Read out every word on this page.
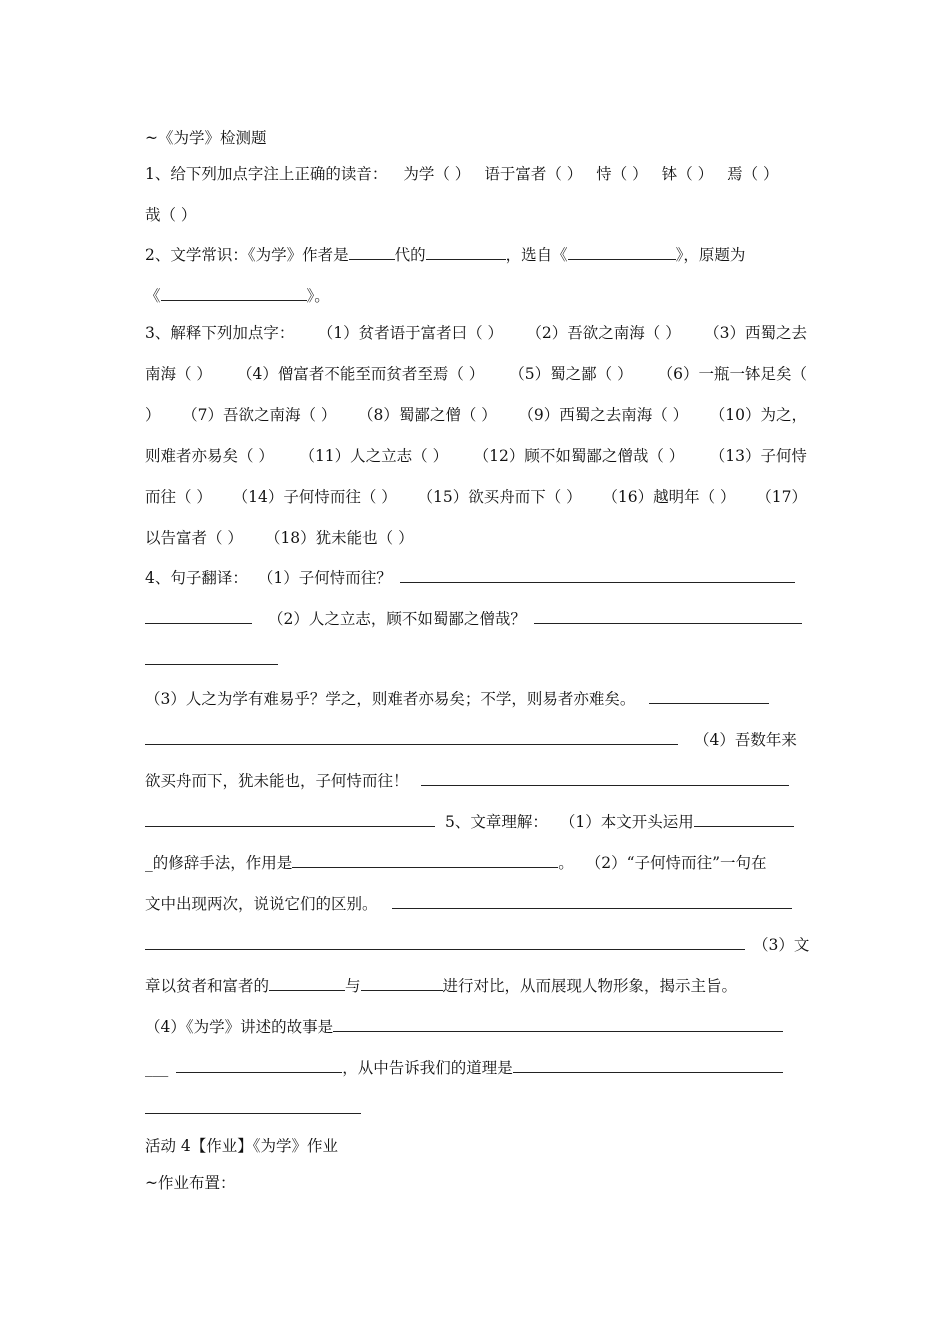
~《为学》检测题
1、给下列加点字注上正确的读音： 为学（ ） 语于富者（ ） 恃（ ） 钵（ ） 焉（ ）
哉（ ）
2、文学常识：《为学》作者是	代的	，选自《	》，原题为
《	》。
3、解释下列加点字： （1）贫者语于富者曰（ ） （2）吾欲之南海（ ） （3）西蜀之去
南海（ ） （4）僧富者不能至而贫者至焉（ ） （5）蜀之鄙（ ） （6）一瓶一钵足矣（
） （7）吾欲之南海（ ） （8）蜀鄙之僧（ ） （9）西蜀之去南海（ ） （10）为之，
则难者亦易矣（ ） （11）人之立志（ ） （12）顾不如蜀鄙之僧哉（ ） （13）子何恃
而往（ ） （14）子何恃而往（ ） （15）欲买舟而下（ ） （16）越明年（ ） （17）
以告富者（ ） （18）犹未能也（ ）
4、句子翻译： （1）子何恃而往？
（2）人之立志，顾不如蜀鄙之僧哉？
（3）人之为学有难易乎？学之，则难者亦易矣；不学，则易者亦难矣。
（4）吾数年来
欲买舟而下，犹未能也，子何恃而往！
5、文章理解： （1）本文开头运用
_的修辞手法，作用是	。 （2）“子何恃而往”一句在
文中出现两次，说说它们的区别。
（3）文
章以贫者和富者的	与	进行对比，从而展现人物形象，揭示主旨。
（4）《为学》讲述的故事是
___	，从中告诉我们的道理是
活动 4【作业】《为学》作业
~作业布置：
